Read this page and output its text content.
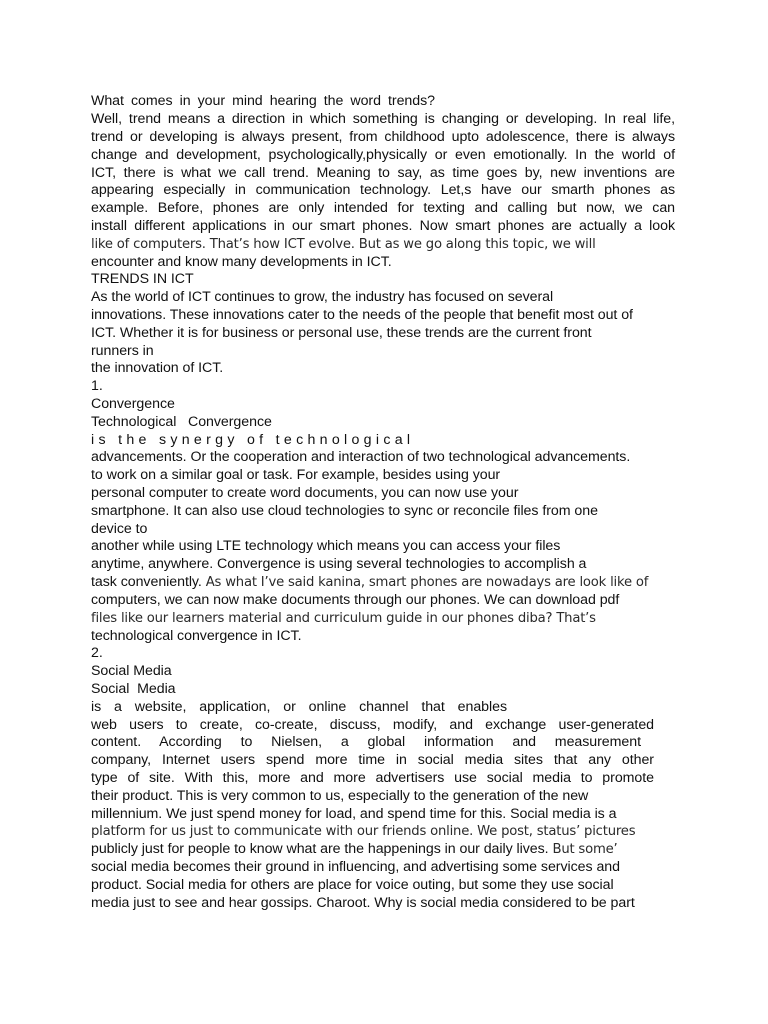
What comes in your mind hearing the word trends?
Well, trend means a direction in which something is changing or developing. In real life,
trend or developing is always present, from childhood upto adolescence, there is always
change and development, psychologically,physically or even emotionally. In the world of
ICT, there is what we call trend. Meaning to say, as time goes by, new inventions are
appearing especially in communication technology. Let,s have our smarth phones as
example. Before, phones are only intended for texting and calling but now, we can
install different applications in our smart phones. Now smart phones are actually a look
like of computers. That’s how ICT evolve. But as we go along this topic, we will
encounter and know many developments in ICT.
TRENDS IN ICT
As the world of ICT continues to grow, the industry has focused on several
innovations. These innovations cater to the needs of the people that benefit most out of
ICT. Whether it is for business or personal use, these trends are the current front
runners in
the innovation of ICT.
1.
Convergence
Technological   Convergence
is the synergy of technological
advancements. Or the cooperation and interaction of two technological advancements.
to work on a similar goal or task. For example, besides using your
personal computer to create word documents, you can now use your
smartphone. It can also use cloud technologies to sync or reconcile files from one
device to
another while using LTE technology which means you can access your files
anytime, anywhere. Convergence is using several technologies to accomplish a
task conveniently. As what I’ve said kanina, smart phones are nowadays are look like of
computers, we can now make documents through our phones. We can download pdf
files like our learners material and curriculum guide in our phones diba? That’s
technological convergence in ICT.
2.
Social Media
Social  Media
is a website, application, or online channel that enables
web users to create, co-create, discuss, modify, and exchange user-generated
content. According to Nielsen, a global information and measurement
company, Internet users spend more time in social media sites that any other
type of site. With this, more and more advertisers use social media to promote
their product. This is very common to us, especially to the generation of the new
millennium. We just spend money for load, and spend time for this. Social media is a
platform for us just to communicate with our friends online. We post, status’ pictures
publicly just for people to know what are the happenings in our daily lives. But some’
social media becomes their ground in influencing, and advertising some services and
product. Social media for others are place for voice outing, but some they use social
media just to see and hear gossips. Charoot. Why is social media considered to be part
